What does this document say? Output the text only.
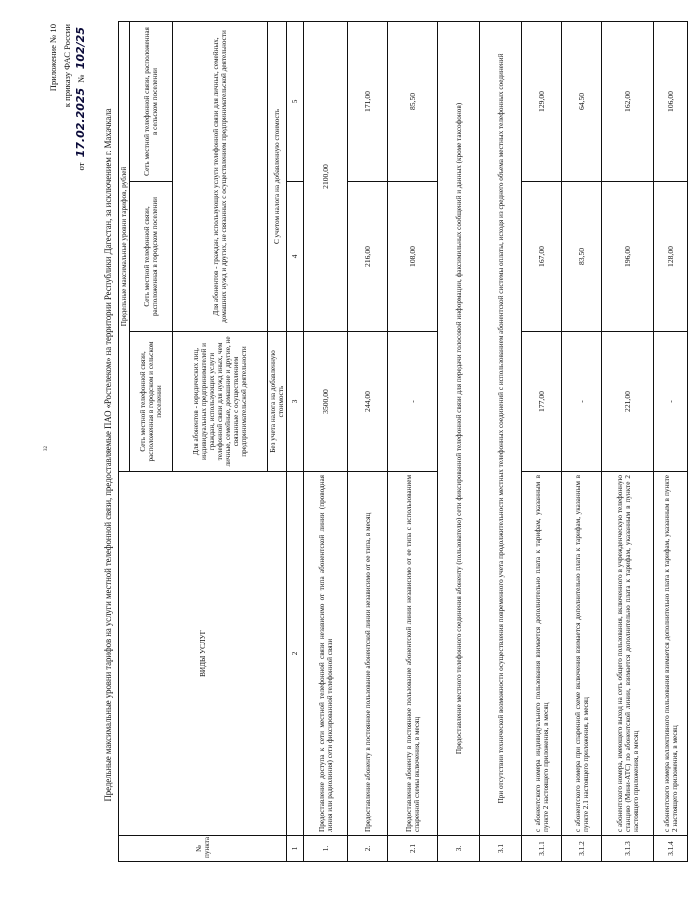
32
Приложение № 10 к приказу ФАС России
от 17.02.2025 № 102/25
Предельные максимальные уровни тарифов на услуги местной телефонной связи, предоставляемые ПАО «Ростелеком» на территории Республики Дагестан, за исключением г. Махачкала
№ пункта	ВИДЫ УСЛУГ	Предельные максимальные уровни тарифов, рублей		
		Сеть местной телефонной связи, расположенная в городском и сельском поселении	Сеть местной телефонной связи, расположенная в городском поселении	Сеть местной телефонной связи, расположенная в сельском поселении
		Для абонентов - юридических лиц, индивидуальных предпринимателей и граждан, использующих услуги телефонной связи для нужд иных, чем личные, семейные, домашние и другие, не связанные с осуществлением предпринимательской деятельности	Для абонентов - граждан, использующих услуги телефонной связи для личных, семейных, домашних нужд и других, не связанных с осуществлением предпринимательской деятельности	
		Без учета налога на добавленную стоимость	С учетом налога на добавленную стоимость	
1	2	3	4	5
1.	Предоставление доступа к сети местной телефонной связи независимо от типа абонентской линии (проводная линия или радиолиния) сети фиксированной телефонной связи	3500,00	2100,00	
2.	Предоставление абоненту в постоянное пользование абонентской линии независимо от ее типа, в месяц	244,00	216,00	171,00
2.1	Предоставление абоненту в постоянное пользование абонентской линии независимо от ее типа с использованием спаренной схемы включения, в месяц	-	108,00	85,50
3.	Предоставление местного телефонного соединения абоненту (пользователю) сети фиксированной телефонной связи для передачи голосовой информации, факсимильных сообщений и данных (кроме таксофонов)			
3.1	При отсутствии технической возможности осуществления повременного учета продолжительности местных телефонных соединений с использованием абонентской системы оплаты, исходя из среднего объема местных телефонных соединений			
3.1.1	с абонентского номера индивидуального пользования взимается дополнительно плата к тарифам, указанным в пункте 2 настоящего приложения, в месяц	177,00	167,00	129,00
3.1.2	с абонентского номера при спаренной схеме включения взимается дополнительно плата к тарифам, указанным в пункте 2.1 настоящего приложения, в месяц	-	83,50	64,50
3.1.3	с абонентского номера, имеющего выход на сеть общего пользования, включенного в учрежденческую телефонную станцию (Мини-АТС) по абонентской линии, взимается дополнительно плата к тарифам, указанным в пункте 2 настоящего приложения, в месяц	221,00	196,00	162,00
3.1.4	с абонентского номера коллективного пользования взимается дополнительно плата к тарифам, указанным в пункте 2 настоящего приложения, в месяц	-	128,00	106,00
